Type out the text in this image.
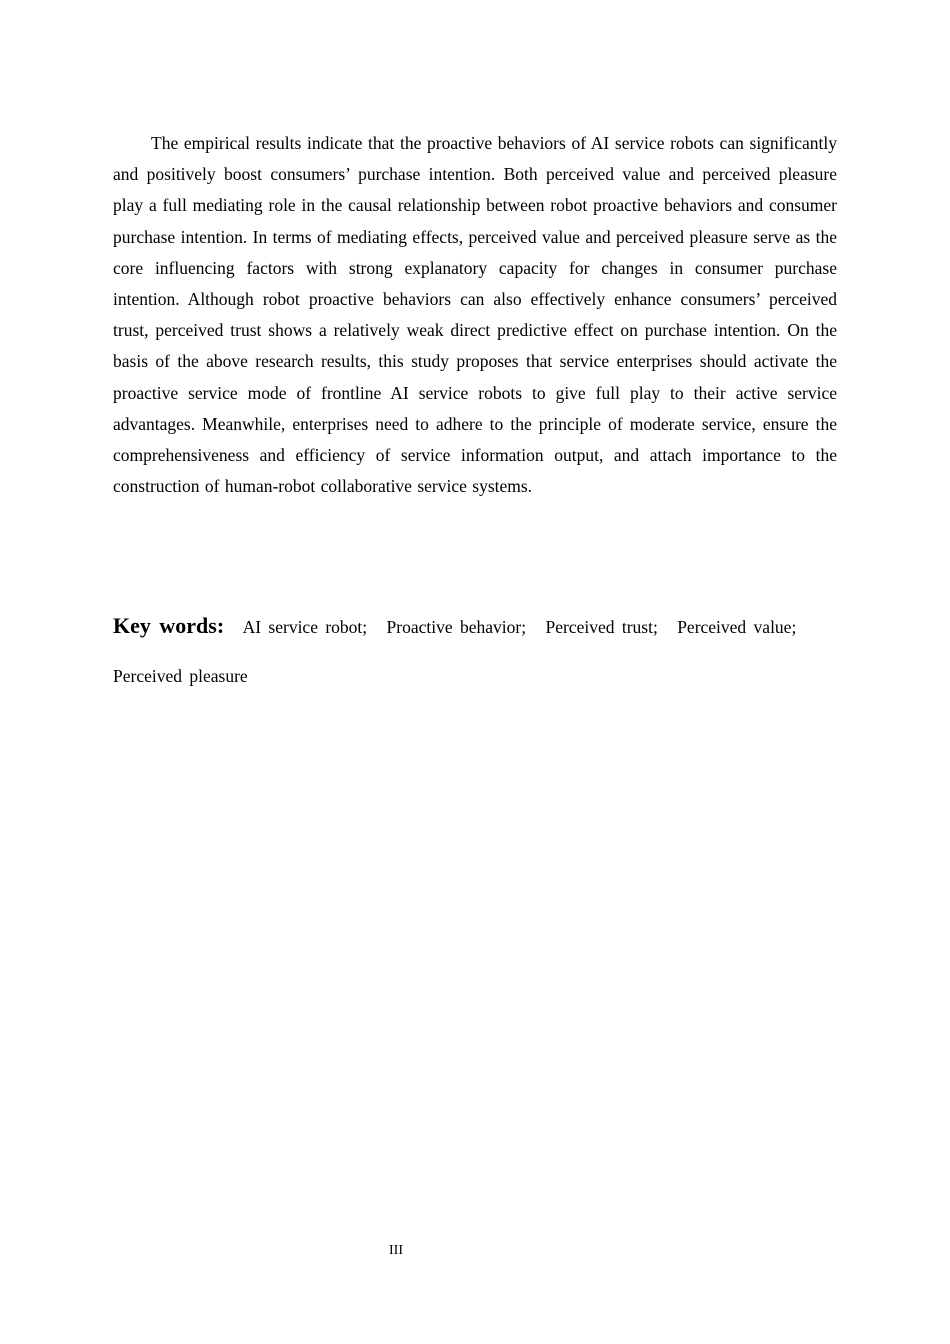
The empirical results indicate that the proactive behaviors of AI service robots can significantly and positively boost consumers’ purchase intention. Both perceived value and perceived pleasure play a full mediating role in the causal relationship between robot proactive behaviors and consumer purchase intention. In terms of mediating effects, perceived value and perceived pleasure serve as the core influencing factors with strong explanatory capacity for changes in consumer purchase intention. Although robot proactive behaviors can also effectively enhance consumers’ perceived trust, perceived trust shows a relatively weak direct predictive effect on purchase intention. On the basis of the above research results, this study proposes that service enterprises should activate the proactive service mode of frontline AI service robots to give full play to their active service advantages. Meanwhile, enterprises need to adhere to the principle of moderate service, ensure the comprehensiveness and efficiency of service information output, and attach importance to the construction of human-robot collaborative service systems.

Key words: AI service robot; Proactive behavior; Perceived trust; Perceived value; Perceived pleasure

III
